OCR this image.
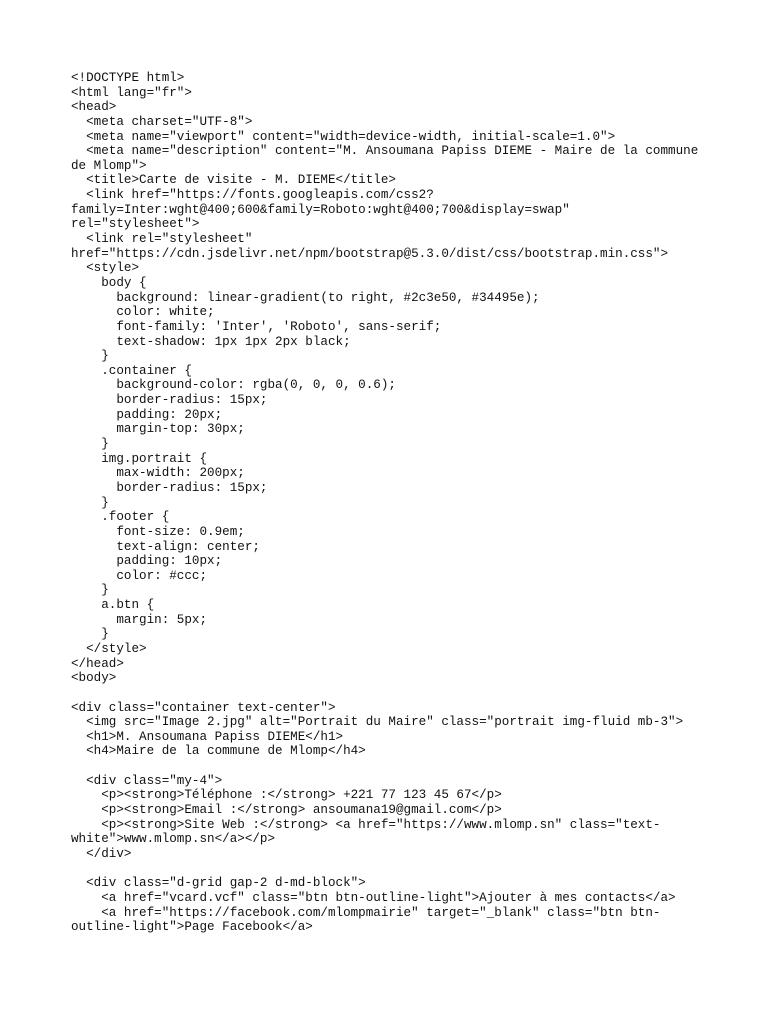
<!DOCTYPE html>
<html lang="fr">
<head>
<meta charset="UTF-8">
<meta name="viewport" content="width=device-width, initial-scale=1.0">
<meta name="description" content="M. Ansoumana Papiss DIEME - Maire de la commune
de Mlomp">
<title>Carte de visite - M. DIEME</title>
<link href="https://fonts.googleapis.com/css2?
family=Inter:wght@400;600&family=Roboto:wght@400;700&display=swap"
rel="stylesheet">
<link rel="stylesheet"
href="https://cdn.jsdelivr.net/npm/bootstrap@5.3.0/dist/css/bootstrap.min.css">
<style>
body {
background: linear-gradient(to right, #2c3e50, #34495e);
color: white;
font-family: 'Inter', 'Roboto', sans-serif;
text-shadow: 1px 1px 2px black;
}
.container {
background-color: rgba(0, 0, 0, 0.6);
border-radius: 15px;
padding: 20px;
margin-top: 30px;
}
img.portrait {
max-width: 200px;
border-radius: 15px;
}
.footer {
font-size: 0.9em;
text-align: center;
padding: 10px;
color: #ccc;
}
a.btn {
margin: 5px;
}
</style>
</head>
<body>
<div class="container text-center">
<img src="Image 2.jpg" alt="Portrait du Maire" class="portrait img-fluid mb-3">
<h1>M. Ansoumana Papiss DIEME</h1>
<h4>Maire de la commune de Mlomp</h4>
<div class="my-4">
<p><strong>Téléphone :</strong> +221 77 123 45 67</p>
<p><strong>Email :</strong> ansoumana19@gmail.com</p>
<p><strong>Site Web :</strong> <a href="https://www.mlomp.sn" class="text-
white">www.mlomp.sn</a></p>
</div>
<div class="d-grid gap-2 d-md-block">
<a href="vcard.vcf" class="btn btn-outline-light">Ajouter à mes contacts</a>
<a href="https://facebook.com/mlompmairie" target="_blank" class="btn btn-
outline-light">Page Facebook</a>
